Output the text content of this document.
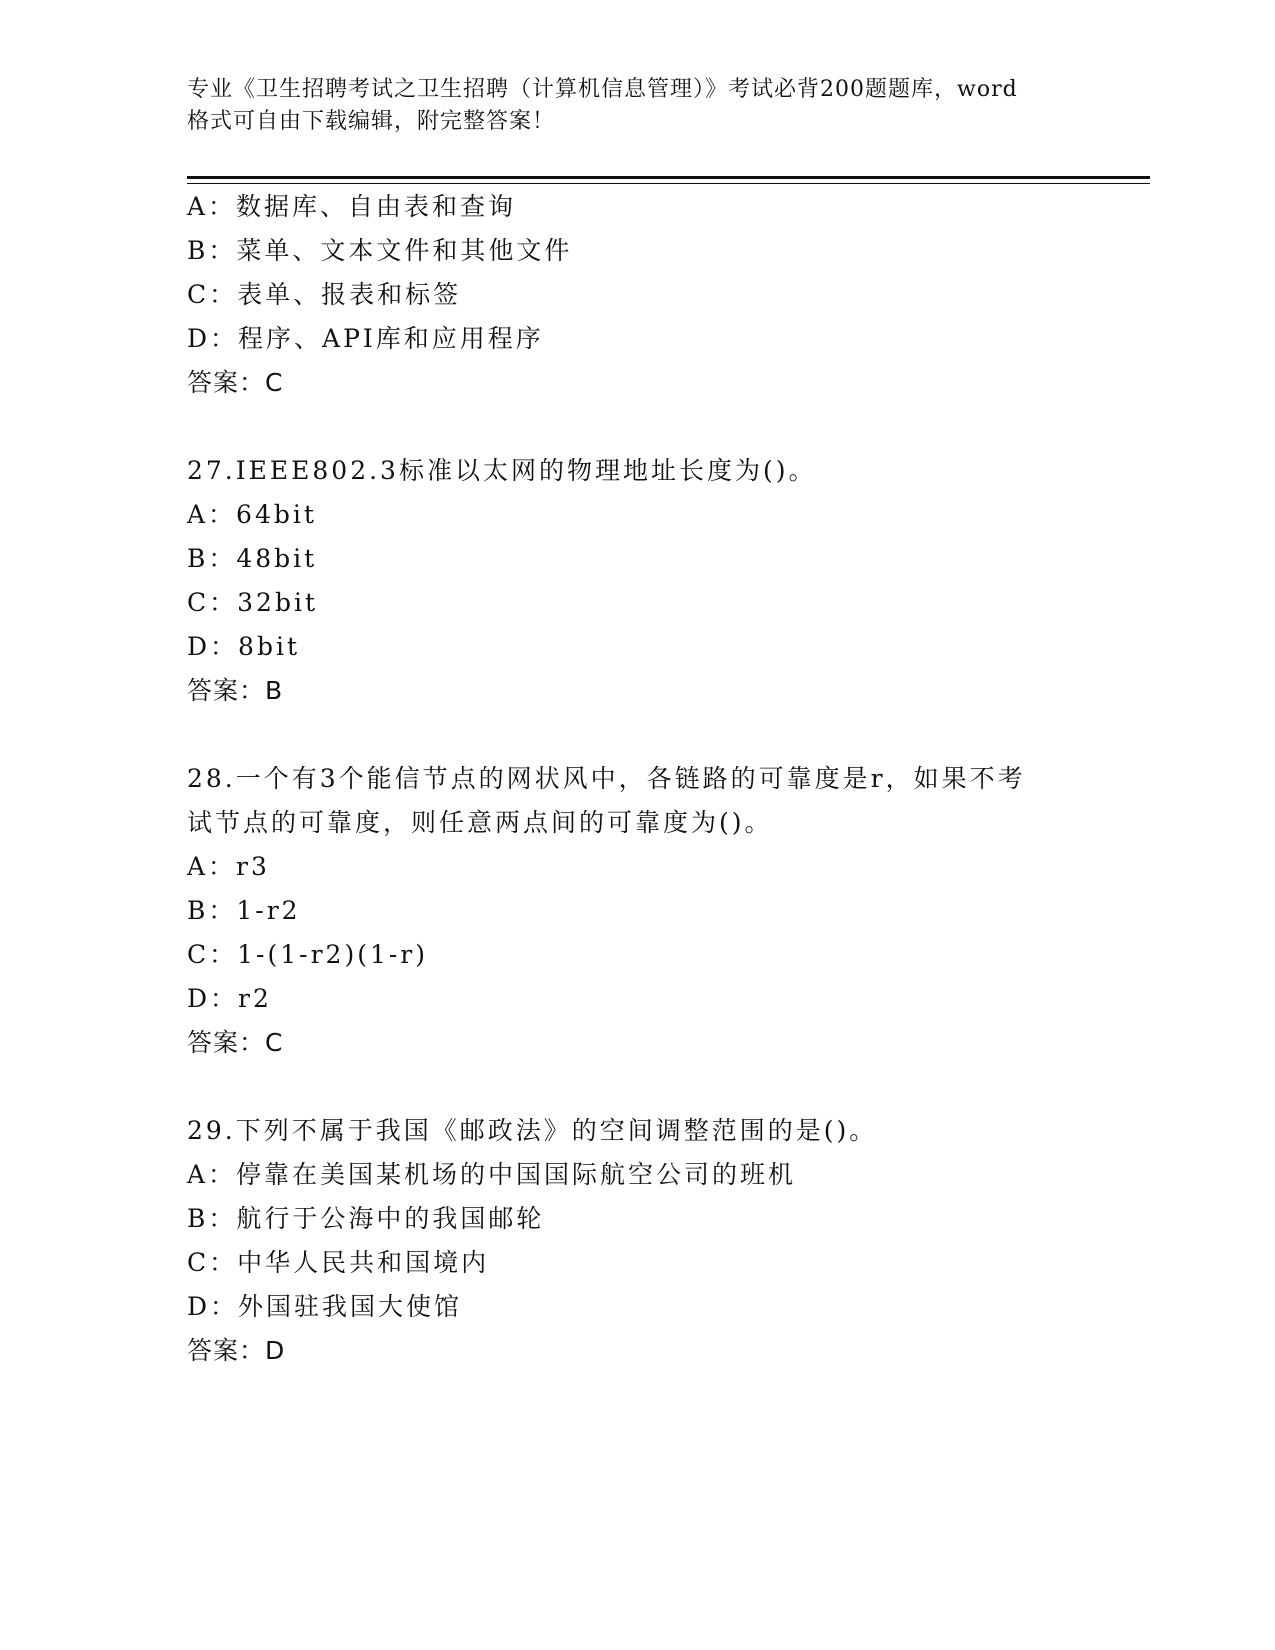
专业《卫生招聘考试之卫生招聘（计算机信息管理）》考试必背200题题库，word
格式可自由下载编辑，附完整答案！
A：数据库、自由表和查询
B：菜单、文本文件和其他文件
C：表单、报表和标签
D：程序、API库和应用程序
答案：C
27.IEEE802.3标准以太网的物理地址长度为()。
A：64bit
B：48bit
C：32bit
D：8bit
答案：B
28.一个有3个能信节点的网状风中，各链路的可靠度是r，如果不考
试节点的可靠度，则任意两点间的可靠度为()。
A：r3
B：1-r2
C：1-(1-r2)(1-r)
D：r2
答案：C
29.下列不属于我国《邮政法》的空间调整范围的是()。
A：停靠在美国某机场的中国国际航空公司的班机
B：航行于公海中的我国邮轮
C：中华人民共和国境内
D：外国驻我国大使馆
答案：D
